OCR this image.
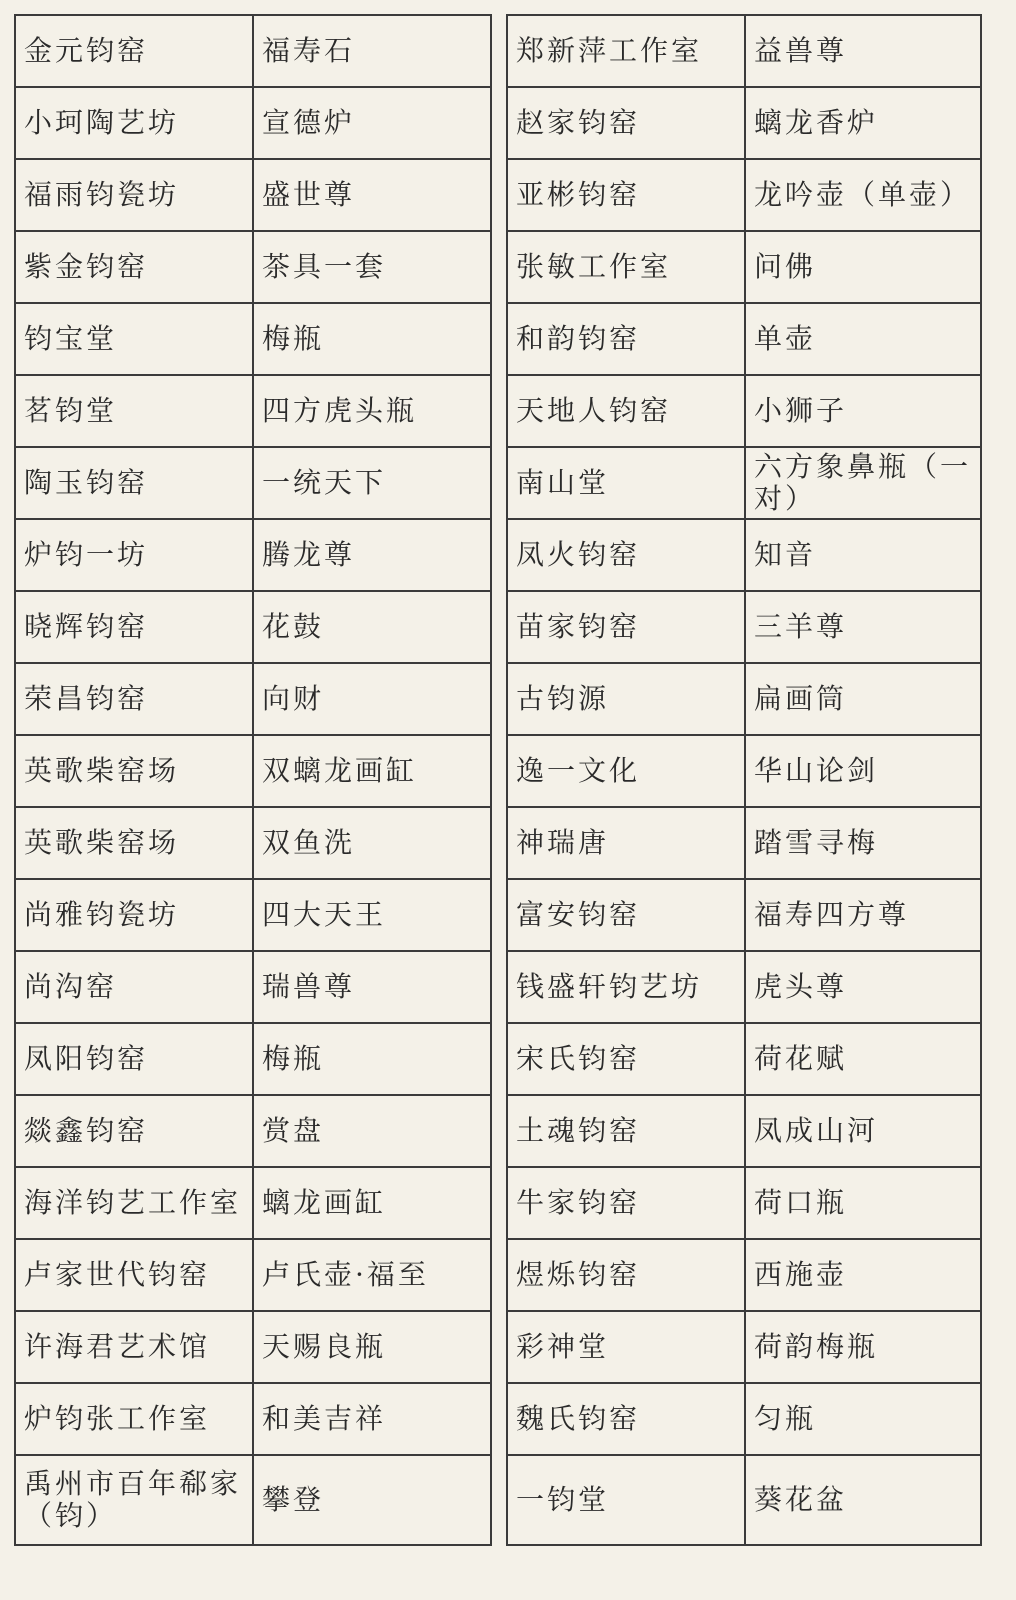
金元钧窑	福寿石
小珂陶艺坊	宣德炉
福雨钧瓷坊	盛世尊
紫金钧窑	茶具一套
钧宝堂	梅瓶
茗钧堂	四方虎头瓶
陶玉钧窑	一统天下
炉钧一坊	腾龙尊
晓辉钧窑	花鼓
荣昌钧窑	向财
英歌柴窑场	双螭龙画缸
英歌柴窑场	双鱼洗
尚雅钧瓷坊	四大天王
尚沟窑	瑞兽尊
凤阳钧窑	梅瓶
燚鑫钧窑	赏盘
海洋钧艺工作室	螭龙画缸
卢家世代钧窑	卢氏壶·福至
许海君艺术馆	天赐良瓶
炉钧张工作室	和美吉祥
禹州市百年郗家（钧）	攀登
郑新萍工作室	益兽尊
赵家钧窑	螭龙香炉
亚彬钧窑	龙吟壶（单壶）
张敏工作室	问佛
和韵钧窑	单壶
天地人钧窑	小狮子
南山堂	六方象鼻瓶（一对）
凤火钧窑	知音
苗家钧窑	三羊尊
古钧源	扁画筒
逸一文化	华山论剑
神瑞唐	踏雪寻梅
富安钧窑	福寿四方尊
钱盛轩钧艺坊	虎头尊
宋氏钧窑	荷花赋
土魂钧窑	凤成山河
牛家钧窑	荷口瓶
煜烁钧窑	西施壶
彩神堂	荷韵梅瓶
魏氏钧窑	匀瓶
一钧堂	葵花盆
